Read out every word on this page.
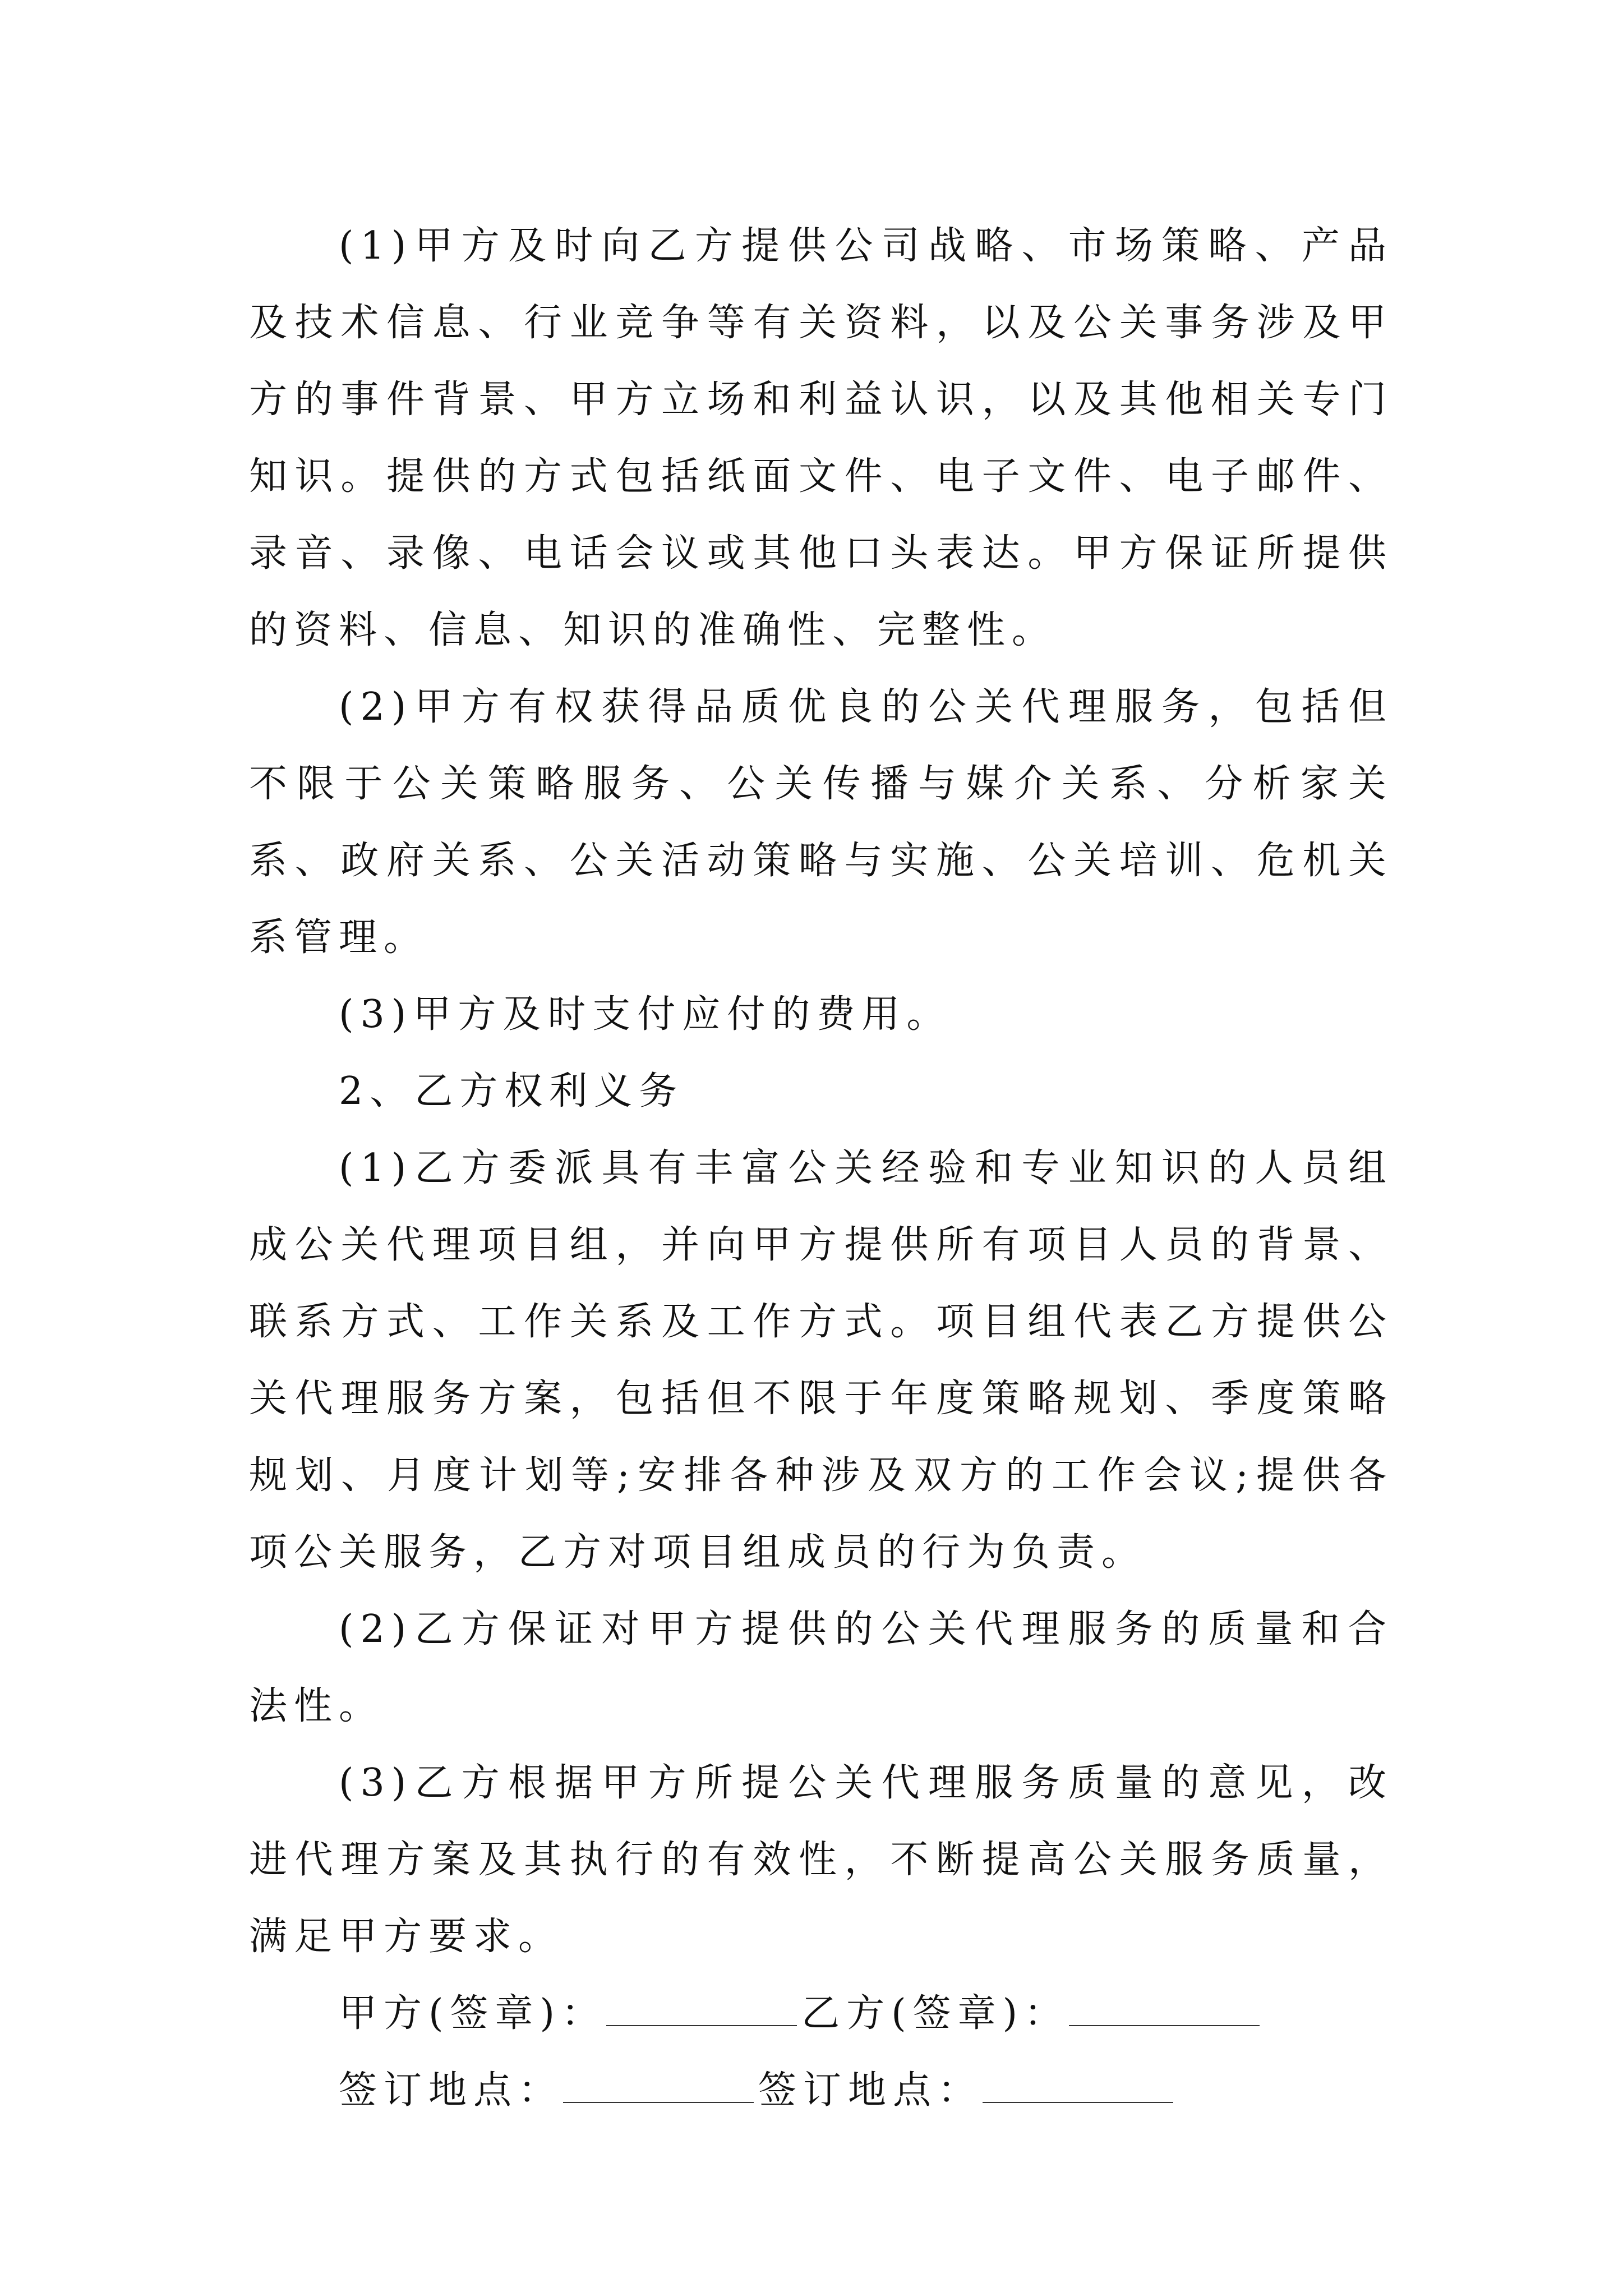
(1)甲方及时向乙方提供公司战略、市场策略、产品及技术信息、行业竞争等有关资料，以及公关事务涉及甲方的事件背景、甲方立场和利益认识，以及其他相关专门知识。提供的方式包括纸面文件、电子文件、电子邮件、录音、录像、电话会议或其他口头表达。甲方保证所提供的资料、信息、知识的准确性、完整性。

(2)甲方有权获得品质优良的公关代理服务，包括但不限于公关策略服务、公关传播与媒介关系、分析家关系、政府关系、公关活动策略与实施、公关培训、危机关系管理。

(3)甲方及时支付应付的费用。

2、乙方权利义务

(1)乙方委派具有丰富公关经验和专业知识的人员组成公关代理项目组，并向甲方提供所有项目人员的背景、联系方式、工作关系及工作方式。项目组代表乙方提供公关代理服务方案，包括但不限于年度策略规划、季度策略规划、月度计划等;安排各种涉及双方的工作会议;提供各项公关服务，乙方对项目组成员的行为负责。

(2)乙方保证对甲方提供的公关代理服务的质量和合法性。

(3)乙方根据甲方所提公关代理服务质量的意见，改进代理方案及其执行的有效性，不断提高公关服务质量，满足甲方要求。

甲方(签章)：	乙方(签章)：

签订地点：	签订地点：
